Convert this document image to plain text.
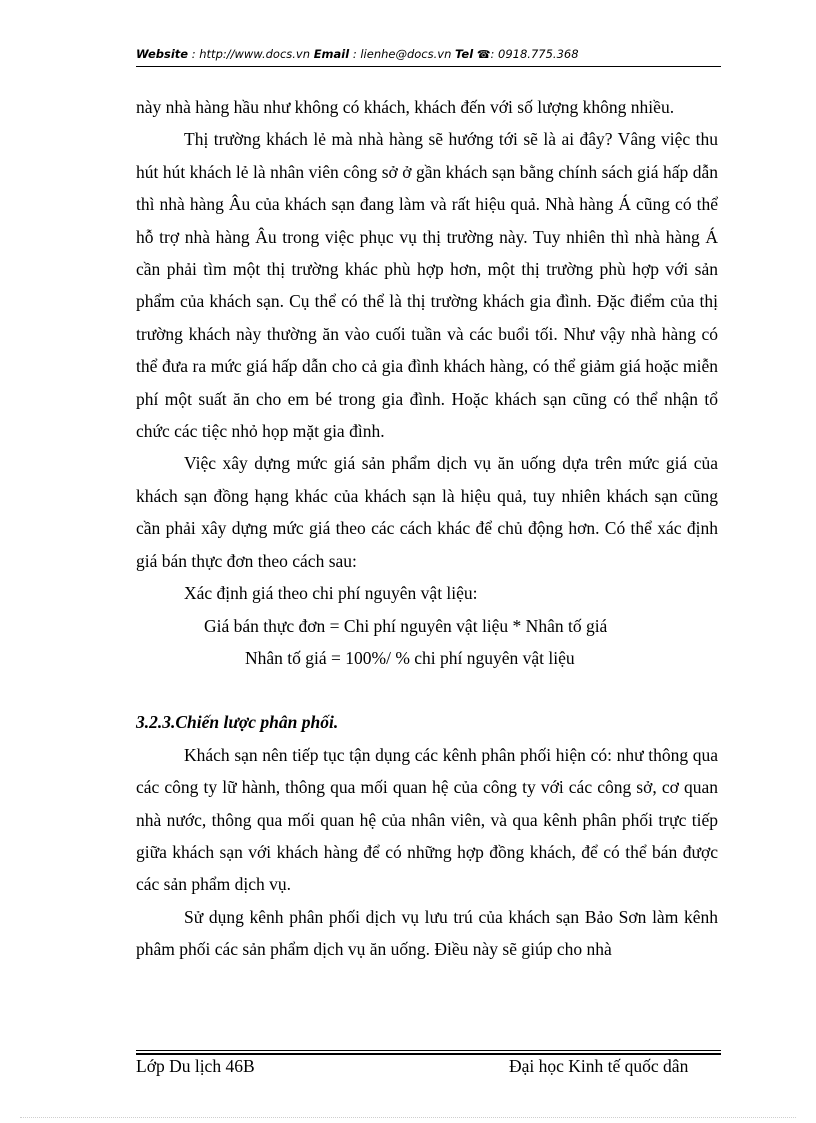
Website : http://www.docs.vn Email : lienhe@docs.vn Tel ☎: 0918.775.368

này nhà hàng hầu như không có khách, khách đến với số lượng không nhiều.

Thị trường khách lẻ mà nhà hàng sẽ hướng tới sẽ là ai đây? Vâng việc thu hút hút khách lẻ là nhân viên công sở ở gần khách sạn bằng chính sách giá hấp dẫn thì nhà hàng Âu của khách sạn đang làm và rất hiệu quả. Nhà hàng Á cũng có thể hỗ trợ nhà hàng Âu trong việc phục vụ thị trường này. Tuy nhiên thì nhà hàng Á cần phải tìm một thị trường khác phù hợp hơn, một thị trường phù hợp với sản phẩm của khách sạn. Cụ thể có thể là thị trường khách gia đình. Đặc điểm của thị trường khách này thường ăn vào cuối tuần và các buổi tối. Như vậy nhà hàng có thể đưa ra mức giá hấp dẫn cho cả gia đình khách hàng, có thể giảm giá hoặc miễn phí một suất ăn cho em bé trong gia đình. Hoặc khách sạn cũng có thể nhận tổ chức các tiệc nhỏ họp mặt gia đình.

Việc xây dựng mức giá sản phẩm dịch vụ ăn uống dựa trên mức giá của khách sạn đồng hạng khác của khách sạn là hiệu quả, tuy nhiên khách sạn cũng cần phải xây dựng mức giá theo các cách khác để chủ động hơn. Có thể xác định giá bán thực đơn theo cách sau:

Xác định giá theo chi phí nguyên vật liệu:

Giá bán thực đơn = Chi phí nguyên vật liệu * Nhân tố giá

Nhân tố giá = 100%/ % chi phí nguyên vật liệu

3.2.3.Chiến lược phân phối.

Khách sạn nên tiếp tục tận dụng các kênh phân phối hiện có: như thông qua các công ty lữ hành, thông qua mối quan hệ của công ty với các công sở, cơ quan nhà nước, thông qua mối quan hệ của nhân viên, và qua kênh phân phối trực tiếp giữa khách sạn với khách hàng để có những hợp đồng khách, để có thể bán được các sản phẩm dịch vụ.

Sử dụng kênh phân phối dịch vụ lưu trú của khách sạn Bảo Sơn làm kênh phâm phối các sản phẩm dịch vụ ăn uống. Điều này sẽ giúp cho nhà

Lớp Du lịch 46B	Đại học Kinh tế quốc dân
